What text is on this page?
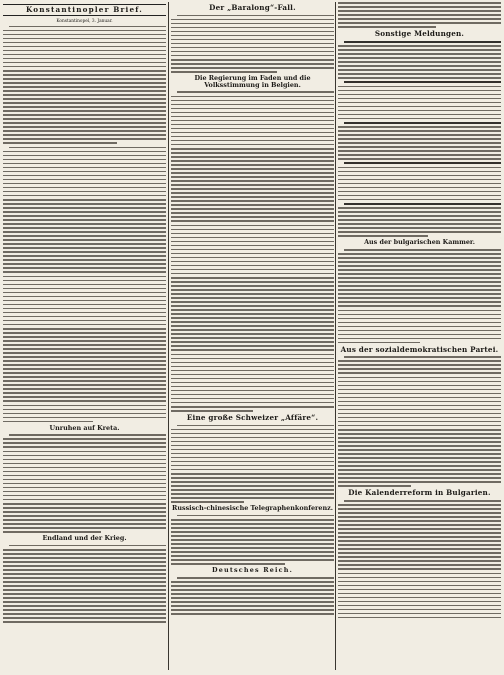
Konstantinopler Brief.
Konstantinopel, 3. Januar.
Unruhen auf Kreta.
Endland und der Krieg.
Der „Baralong“-Fall.
Die Regierung im Faden und die Volksstimmung in Belgien.
Eine große Schweizer „Affäre“.
Russisch-chinesische Telegraphenkonferenz.
Deutsches Reich.
Sonstige Meldungen.
Aus der bulgarischen Kammer.
Aus der sozialdemokratischen Partei.
Die Kalenderreform in Bulgarien.
